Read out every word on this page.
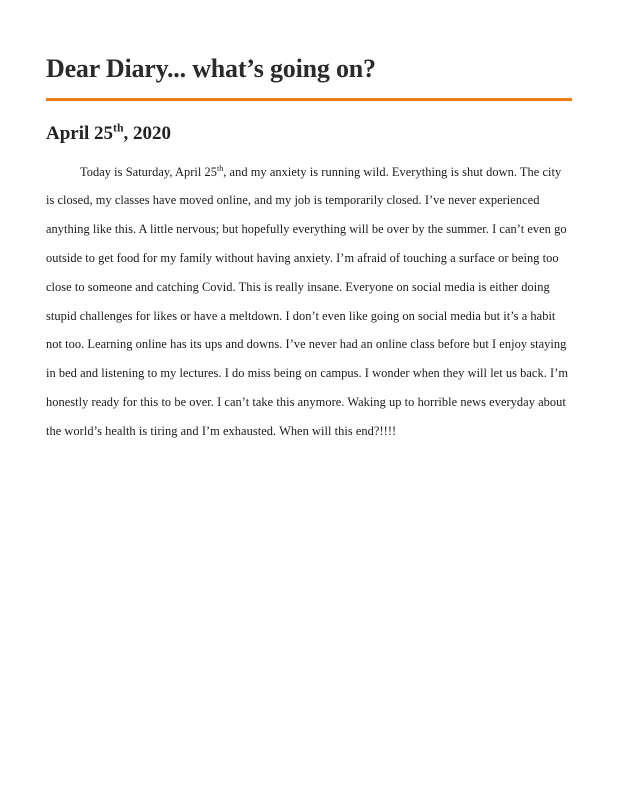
Dear Diary... what’s going on?
April 25th, 2020

Today is Saturday, April 25th, and my anxiety is running wild. Everything is shut down. The city is closed, my classes have moved online, and my job is temporarily closed. I’ve never experienced anything like this. A little nervous; but hopefully everything will be over by the summer. I can’t even go outside to get food for my family without having anxiety. I’m afraid of touching a surface or being too close to someone and catching Covid. This is really insane. Everyone on social media is either doing stupid challenges for likes or have a meltdown. I don’t even like going on social media but it’s a habit not too. Learning online has its ups and downs. I’ve never had an online class before but I enjoy staying in bed and listening to my lectures. I do miss being on campus. I wonder when they will let us back. I’m honestly ready for this to be over. I can’t take this anymore. Waking up to horrible news everyday about the world’s health is tiring and I’m exhausted. When will this end?!!!!
